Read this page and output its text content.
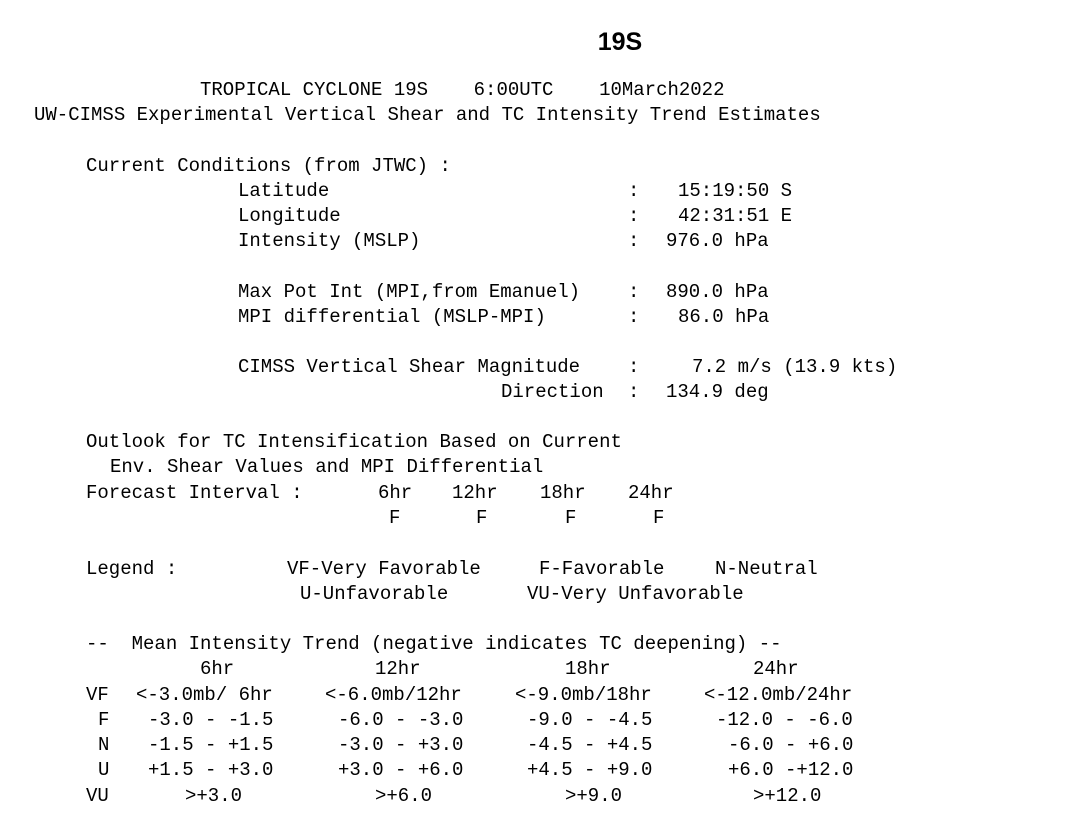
19S
TROPICAL CYCLONE 19S    6:00UTC    10March2022
UW-CIMSS Experimental Vertical Shear and TC Intensity Trend Estimates
Current Conditions (from JTWC) :
Latitude	: 15:19:50 S
Longitude	: 42:31:51 E
Intensity (MSLP)	: 976.0 hPa
Max Pot Int (MPI,from Emanuel)	: 890.0 hPa
MPI differential (MSLP-MPI)	: 86.0 hPa
CIMSS Vertical Shear Magnitude	:	7.2 m/s (13.9 kts)
Direction : 134.9 deg
Outlook for TC Intensification Based on Current
Env. Shear Values and MPI Differential
Forecast Interval :	6hr 12hr 18hr 24hr
F	F	F	F
Legend :	VF-Very Favorable	F-Favorable	N-Neutral
U-Unfavorable	VU-Very Unfavorable
--  Mean Intensity Trend (negative indicates TC deepening) --
6hr	12hr	18hr	24hr
VF <-3.0mb/ 6hr	<-6.0mb/12hr	<-9.0mb/18hr	<-12.0mb/24hr
F -3.0 - -1.5	-6.0 - -3.0	-9.0 - -4.5	-12.0 - -6.0
N -1.5 - +1.5	-3.0 - +3.0	-4.5 - +4.5	-6.0 - +6.0
U +1.5 - +3.0	+3.0 - +6.0	+4.5 - +9.0	+6.0 -+12.0
VU	>+3.0	>+6.0	>+9.0	>+12.0
